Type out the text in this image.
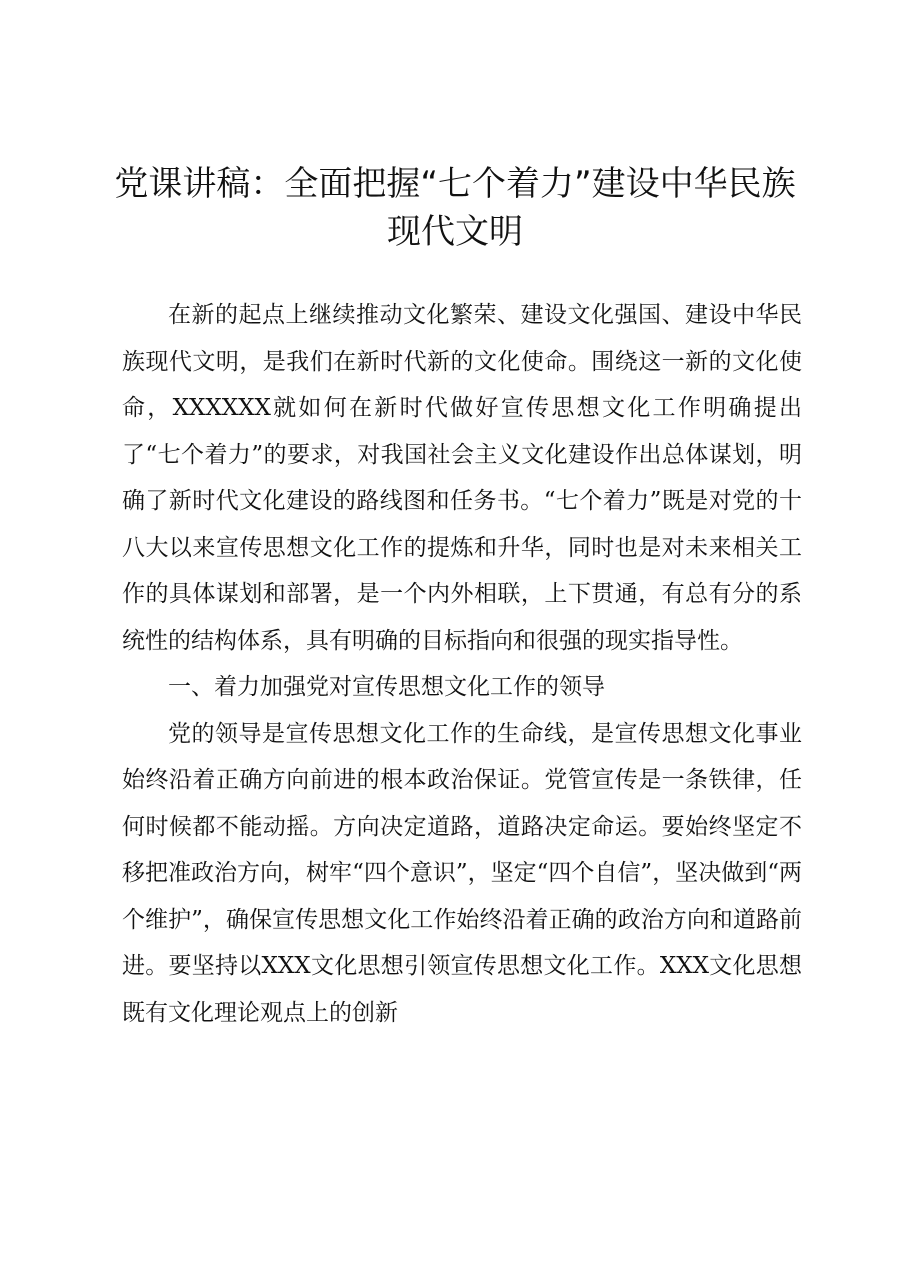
党课讲稿：全面把握“七个着力”建设中华民族现代文明

在新的起点上继续推动文化繁荣、建设文化强国、建设中华民族现代文明，是我们在新时代新的文化使命。围绕这一新的文化使命，XXXXXX就如何在新时代做好宣传思想文化工作明确提出了“七个着力”的要求，对我国社会主义文化建设作出总体谋划，明确了新时代文化建设的路线图和任务书。“七个着力”既是对党的十八大以来宣传思想文化工作的提炼和升华，同时也是对未来相关工作的具体谋划和部署，是一个内外相联，上下贯通，有总有分的系统性的结构体系，具有明确的目标指向和很强的现实指导性。

一、着力加强党对宣传思想文化工作的领导

党的领导是宣传思想文化工作的生命线，是宣传思想文化事业始终沿着正确方向前进的根本政治保证。党管宣传是一条铁律，任何时候都不能动摇。方向决定道路，道路决定命运。要始终坚定不移把准政治方向，树牢“四个意识”，坚定“四个自信”，坚决做到“两个维护”，确保宣传思想文化工作始终沿着正确的政治方向和道路前进。要坚持以XXX文化思想引领宣传思想文化工作。XXX文化思想既有文化理论观点上的创新
